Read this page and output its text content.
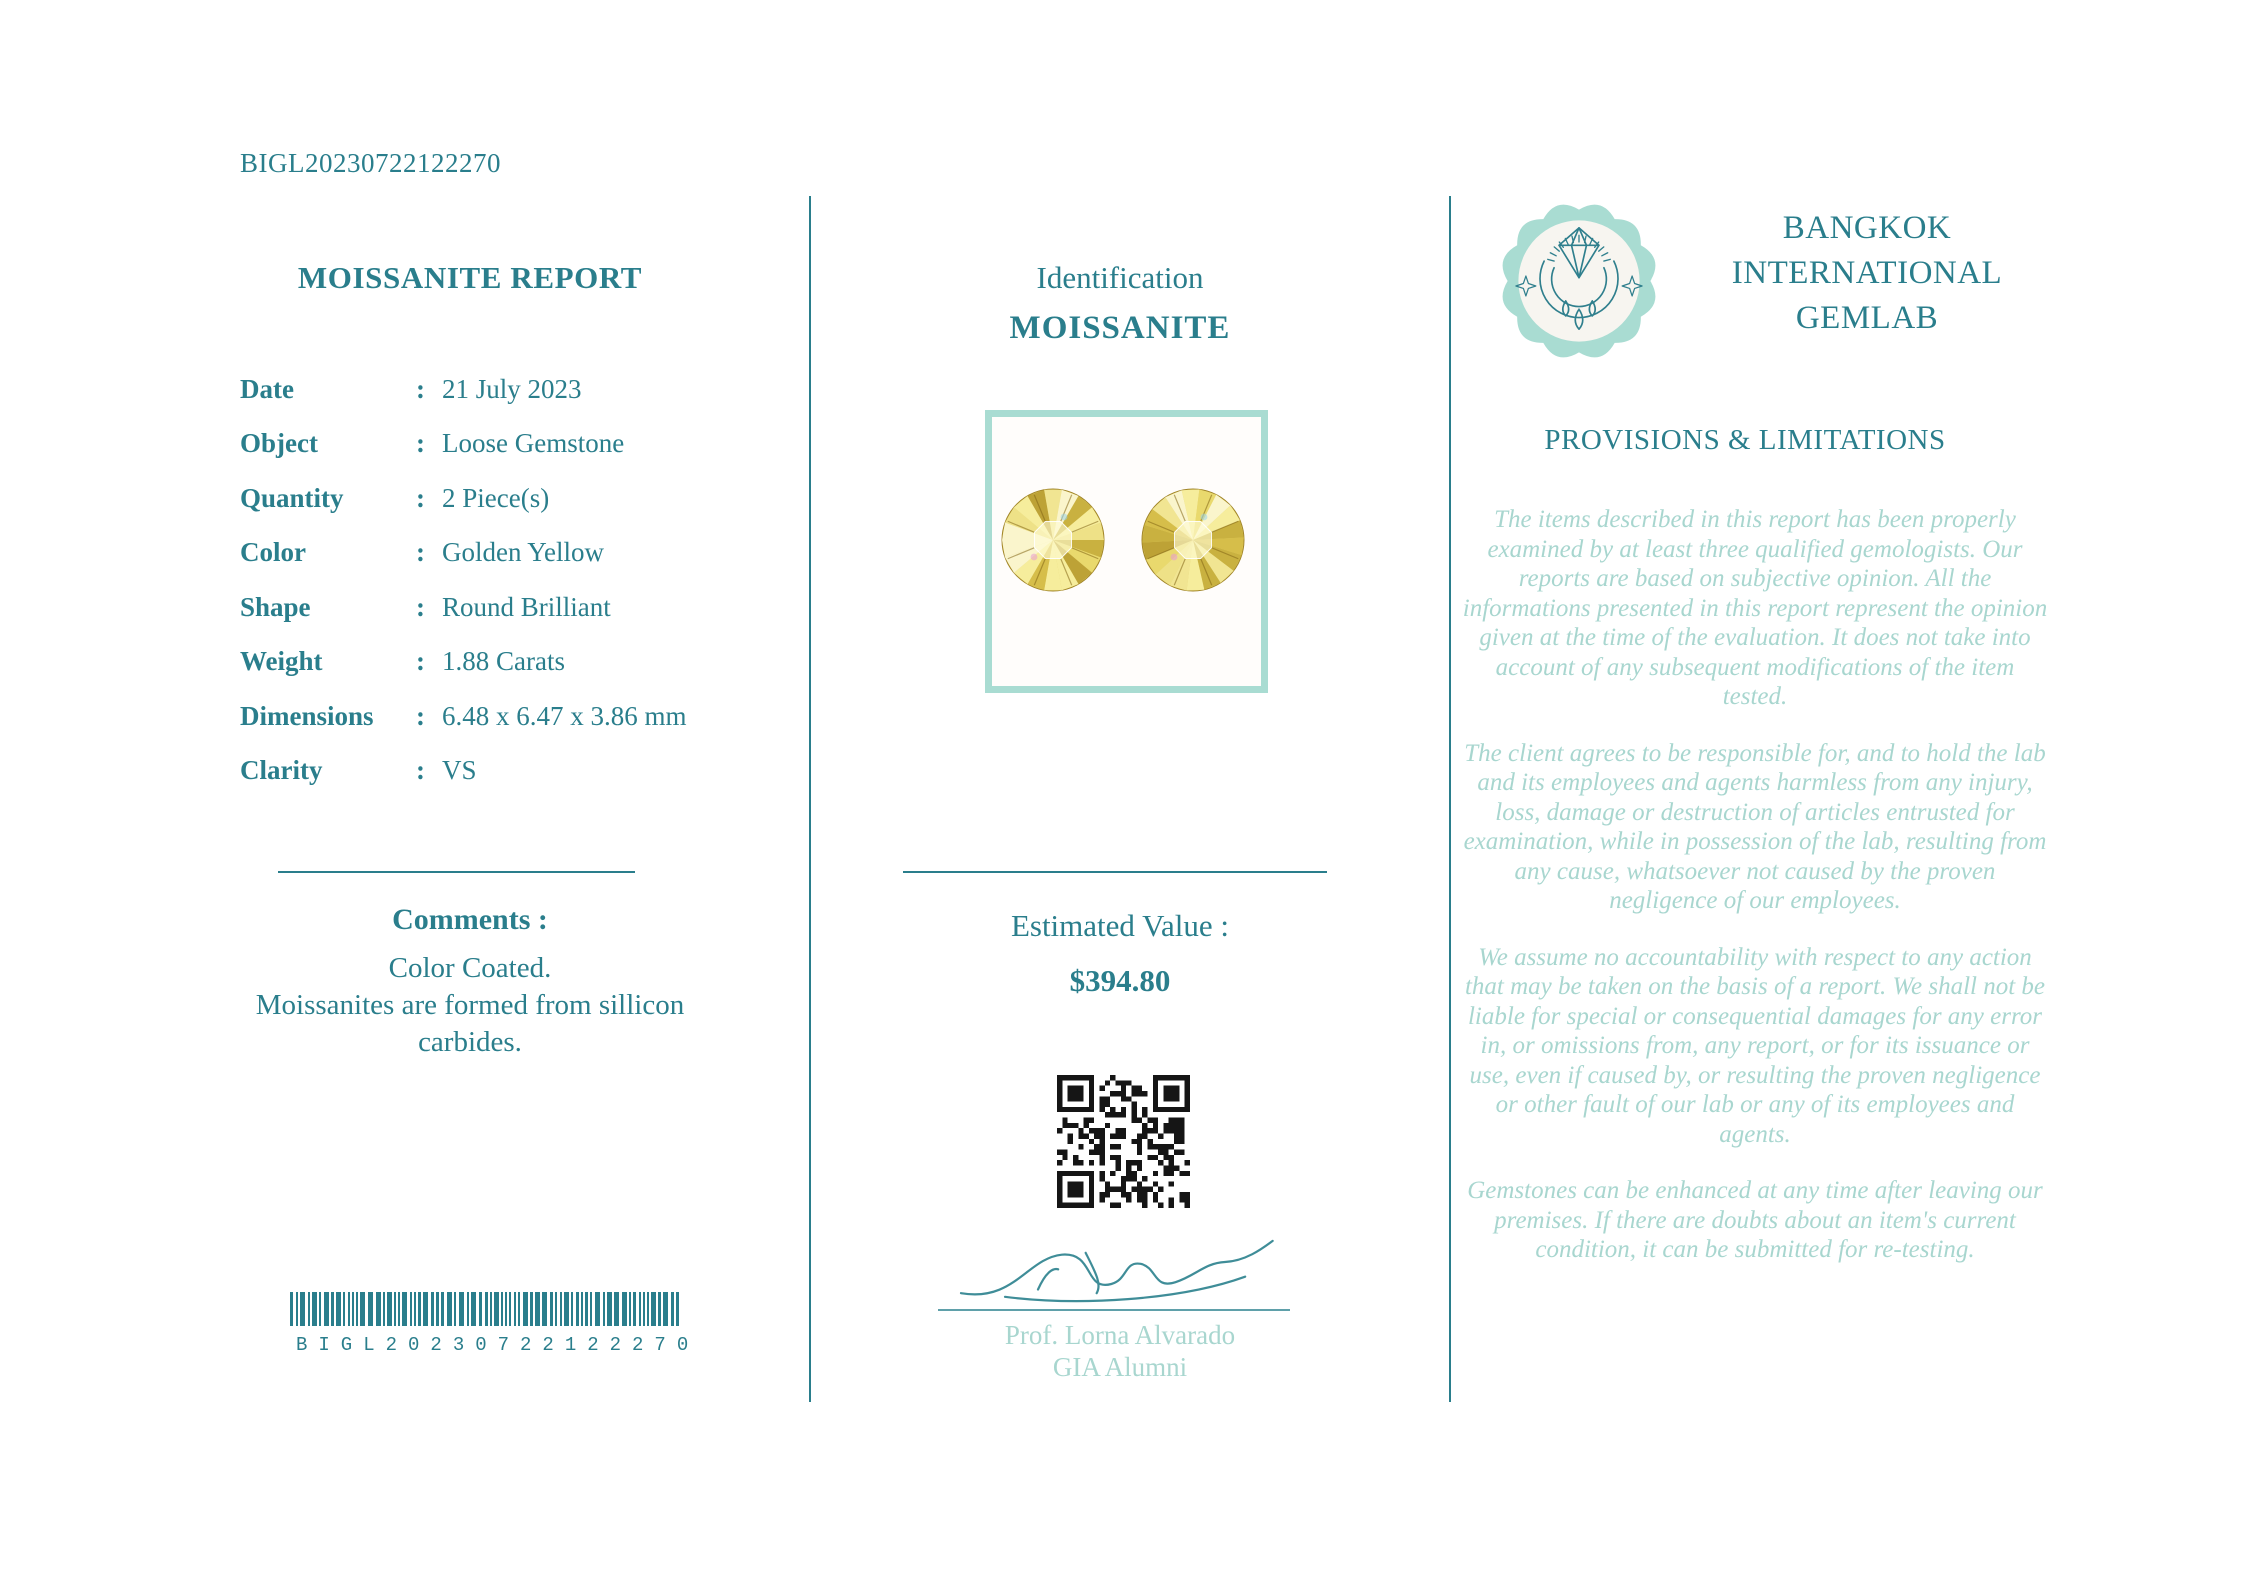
BIGL20230722122270
MOISSANITE REPORT
Date	: 21 July 2023
Object	: Loose Gemstone
Quantity	: 2 Piece(s)
Color	: Golden Yellow
Shape	: Round Brilliant
Weight	: 1.88 Carats
Dimensions	: 6.48 x 6.47 x 3.86 mm
Clarity	: VS
Comments :
Color Coated.
Moissanites are formed from sillicon carbides.
BIGL20230722122270
Identification
MOISSANITE
Estimated Value :
$394.80
Prof. Lorna Alvarado
GIA Alumni
BANGKOK
INTERNATIONAL
GEMLAB
PROVISIONS & LIMITATIONS

The items described in this report has been properly examined by at least three qualified gemologists. Our reports are based on subjective opinion. All the informations presented in this report represent the opinion given at the time of the evaluation. It does not take into account of any subsequent modifications of the item tested.

The client agrees to be responsible for, and to hold the lab and its employees and agents harmless from any injury, loss, damage or destruction of articles entrusted for examination, while in possession of the lab, resulting from any cause, whatsoever not caused by the proven negligence of our employees.

We assume no accountability with respect to any action that may be taken on the basis of a report. We shall not be liable for special or consequential damages for any error in, or omissions from, any report, or for its issuance or use, even if caused by, or resulting the proven negligence or other fault of our lab or any of its employees and agents.

Gemstones can be enhanced at any time after leaving our premises. If there are doubts about an item's current condition, it can be submitted for re-testing.
